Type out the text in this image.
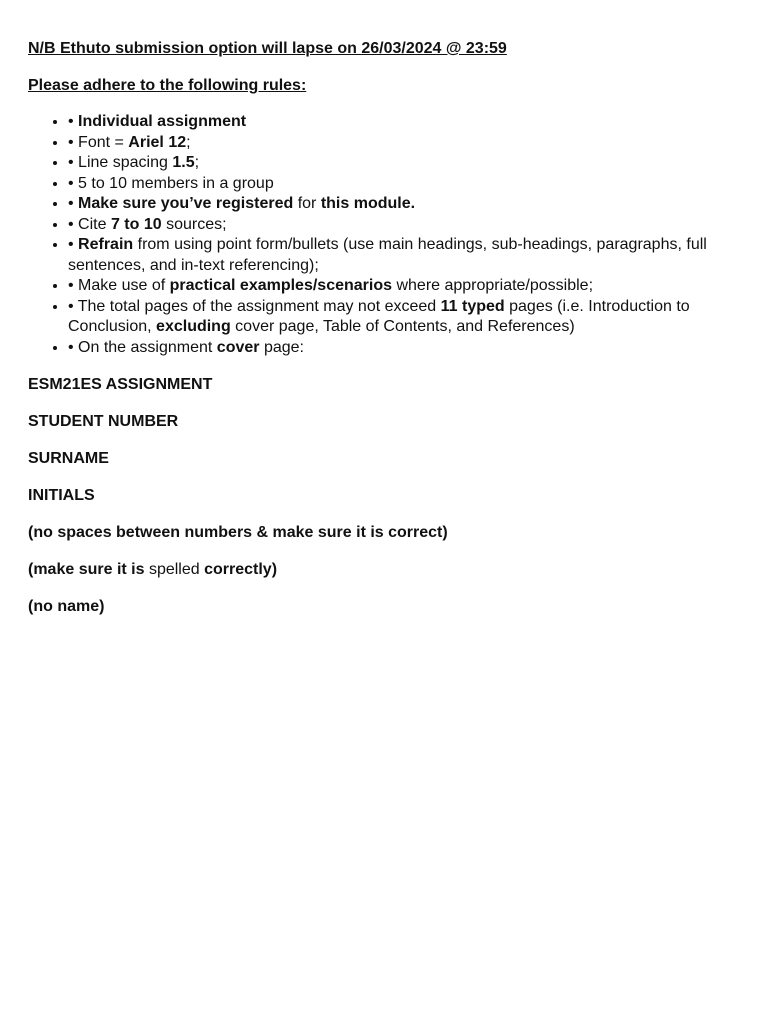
N/B Ethuto submission option will lapse on 26/03/2024 @ 23:59

Please adhere to the following rules:

• • Individual assignment
• • Font = Ariel 12;
• • Line spacing 1.5;
• • 5 to 10 members in a group
• • Make sure you’ve registered for this module.
• • Cite 7 to 10 sources;
• • Refrain from using point form/bullets (use main headings, sub-headings, paragraphs, full sentences, and in-text referencing);
• • Make use of practical examples/scenarios where appropriate/possible;
• • The total pages of the assignment may not exceed 11 typed pages (i.e. Introduction to Conclusion, excluding cover page, Table of Contents, and References)
• • On the assignment cover page:

ESM21ES ASSIGNMENT

STUDENT NUMBER

SURNAME

INITIALS

(no spaces between numbers & make sure it is correct)

(make sure it is spelled correctly)

(no name)
